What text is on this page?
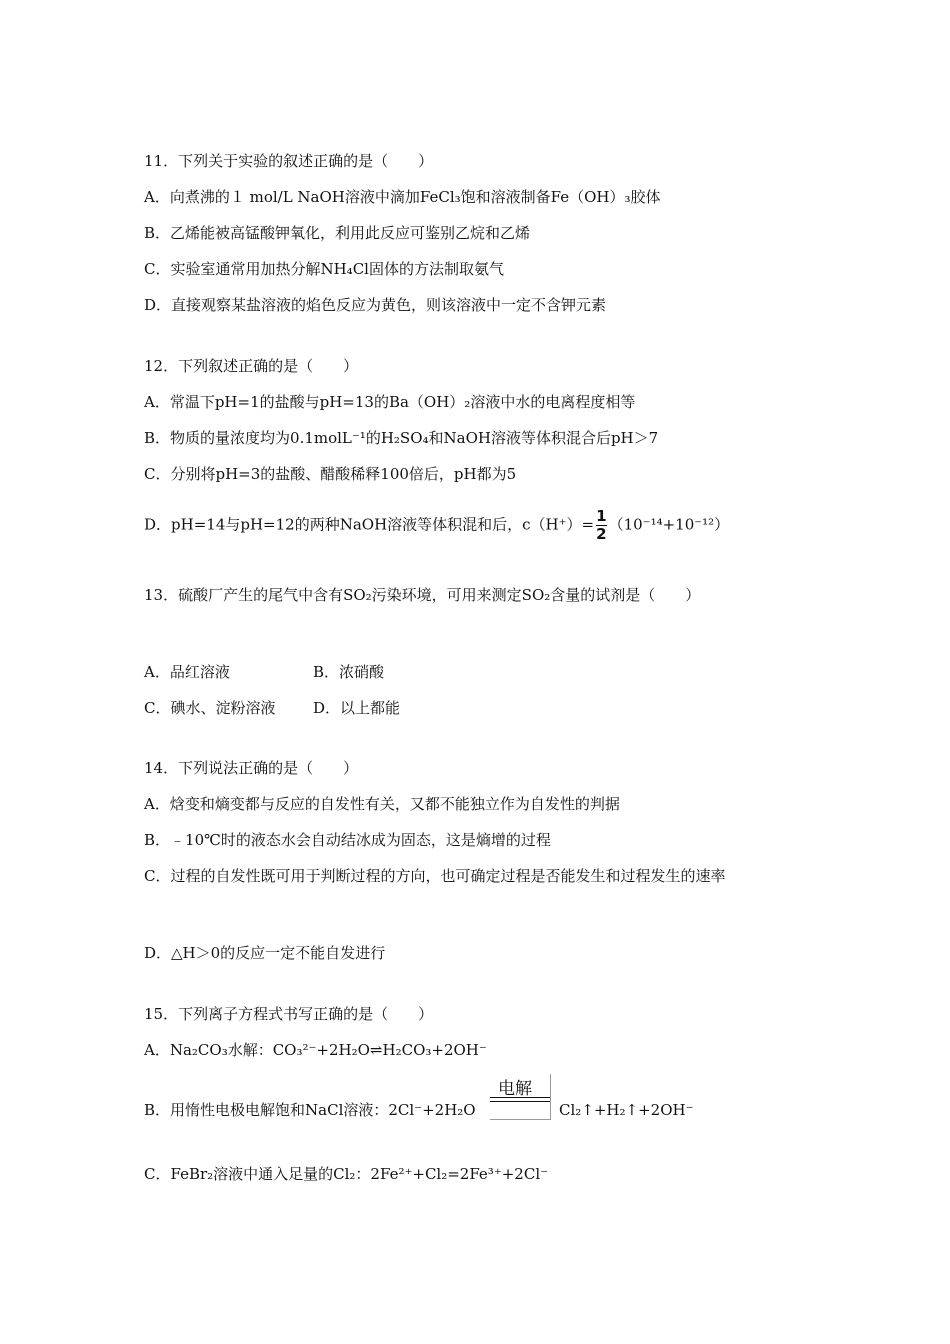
11．下列关于实验的叙述正确的是（　　）
A．向煮沸的１ mol/L NaOH溶液中滴加FeCl₃饱和溶液制备Fe（OH）₃胶体
B．乙烯能被高锰酸钾氧化，利用此反应可鉴别乙烷和乙烯
C．实验室通常用加热分解NH₄Cl固体的方法制取氨气
D．直接观察某盐溶液的焰色反应为黄色，则该溶液中一定不含钾元素
12．下列叙述正确的是（　　）
A．常温下pH=1的盐酸与pH=13的Ba（OH）₂溶液中水的电离程度相等
B．物质的量浓度均为0.1molL⁻¹的H₂SO₄和NaOH溶液等体积混合后pH＞7
C．分别将pH=3的盐酸、醋酸稀释100倍后，pH都为5
D．pH=14与pH=12的两种NaOH溶液等体积混和后，$c(H^+)= \frac{1}{2} (10^{-14}+10^{-12})$
13．硫酸厂产生的尾气中含有SO₂污染环境，可用来测定SO₂含量的试剂是（　　）
A．品红溶液	B．浓硝酸
C．碘水、淀粉溶液	D．以上都能
14．下列说法正确的是（　　）
A．焓变和熵变都与反应的自发性有关，又都不能独立作为自发性的判据
B．﹣10℃时的液态水会自动结冰成为固态，这是熵增的过程
C．过程的自发性既可用于判断过程的方向，也可确定过程是否能发生和过程发生的速率
D．△H＞0的反应一定不能自发进行
15．下列离子方程式书写正确的是（　　）
A．Na₂CO₃水解：CO₃²⁻+2H₂O⇌H₂CO₃+2OH⁻
B．用惰性电极电解饱和NaCl溶液：2Cl⁻+2H₂O
电解
Cl₂↑+H₂↑+2OH⁻
C．FeBr₂溶液中通入足量的Cl₂：2Fe²⁺+Cl₂=2Fe³⁺+2Cl⁻
